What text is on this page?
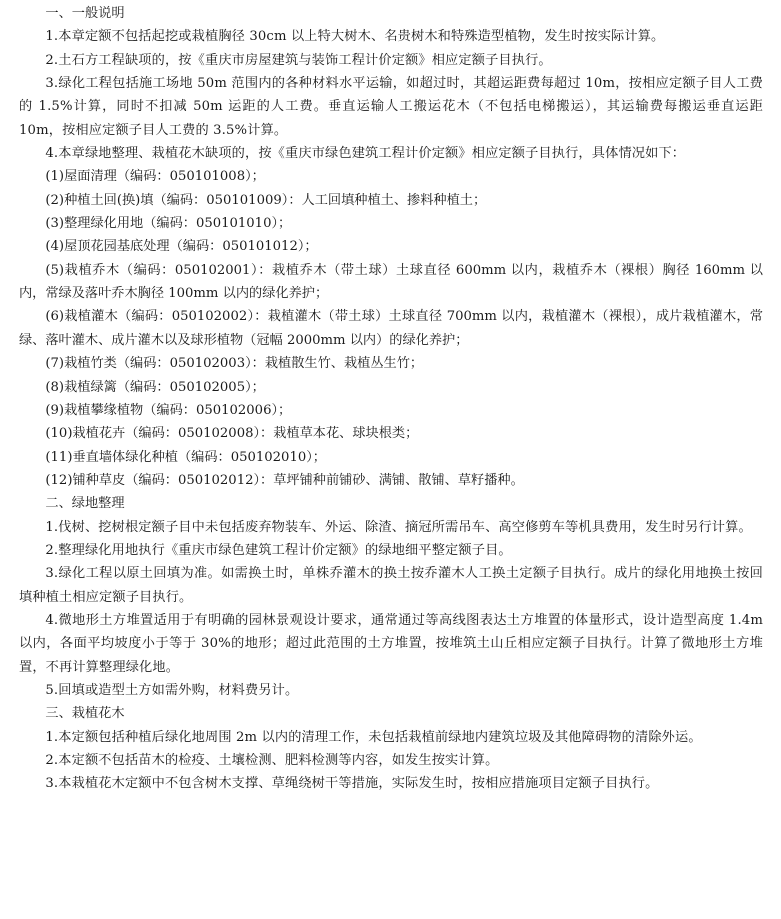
一、一般说明

1.本章定额不包括起挖或栽植胸径 30cm 以上特大树木、名贵树木和特殊造型植物，发生时按实际计算。

2.土石方工程缺项的，按《重庆市房屋建筑与装饰工程计价定额》相应定额子目执行。

3.绿化工程包括施工场地 50m 范围内的各种材料水平运输，如超过时，其超运距费每超过 10m，按相应定额子目人工费的 1.5%计算，同时不扣减 50m 运距的人工费。垂直运输人工搬运花木（不包括电梯搬运），其运输费每搬运垂直运距 10m，按相应定额子目人工费的 3.5%计算。

4.本章绿地整理、栽植花木缺项的，按《重庆市绿色建筑工程计价定额》相应定额子目执行，具体情况如下：

(1)屋面清理（编码：050101008）；

(2)种植土回(换)填（编码：050101009）：人工回填种植土、掺料种植土；

(3)整理绿化用地（编码：050101010）；

(4)屋顶花园基底处理（编码：050101012）；

(5)栽植乔木（编码：050102001）：栽植乔木（带土球）土球直径 600mm 以内，栽植乔木（裸根）胸径 160mm 以内，常绿及落叶乔木胸径 100mm 以内的绿化养护；

(6)栽植灌木（编码：050102002）：栽植灌木（带土球）土球直径 700mm 以内，栽植灌木（裸根），成片栽植灌木，常绿、落叶灌木、成片灌木以及球形植物（冠幅 2000mm 以内）的绿化养护；

(7)栽植竹类（编码：050102003）：栽植散生竹、栽植丛生竹；

(8)栽植绿篱（编码：050102005）；

(9)栽植攀缘植物（编码：050102006）；

(10)栽植花卉（编码：050102008）：栽植草本花、球块根类；

(11)垂直墙体绿化种植（编码：050102010）；

(12)铺种草皮（编码：050102012）：草坪铺种前铺砂、满铺、散铺、草籽播种。

二、绿地整理

1.伐树、挖树根定额子目中未包括废弃物装车、外运、除渣、摘冠所需吊车、高空修剪车等机具费用，发生时另行计算。

2.整理绿化用地执行《重庆市绿色建筑工程计价定额》的绿地细平整定额子目。

3.绿化工程以原土回填为准。如需换土时，单株乔灌木的换土按乔灌木人工换土定额子目执行。成片的绿化用地换土按回填种植土相应定额子目执行。

4.微地形土方堆置适用于有明确的园林景观设计要求，通常通过等高线图表达土方堆置的体量形式，设计造型高度 1.4m 以内，各面平均坡度小于等于 30%的地形；超过此范围的土方堆置，按堆筑土山丘相应定额子目执行。计算了微地形土方堆置，不再计算整理绿化地。

5.回填或造型土方如需外购，材料费另计。

三、栽植花木

1.本定额包括种植后绿化地周围 2m 以内的清理工作，未包括栽植前绿地内建筑垃圾及其他障碍物的清除外运。

2.本定额不包括苗木的检疫、土壤检测、肥料检测等内容，如发生按实计算。

3.本栽植花木定额中不包含树木支撑、草绳绕树干等措施，实际发生时，按相应措施项目定额子目执行。
